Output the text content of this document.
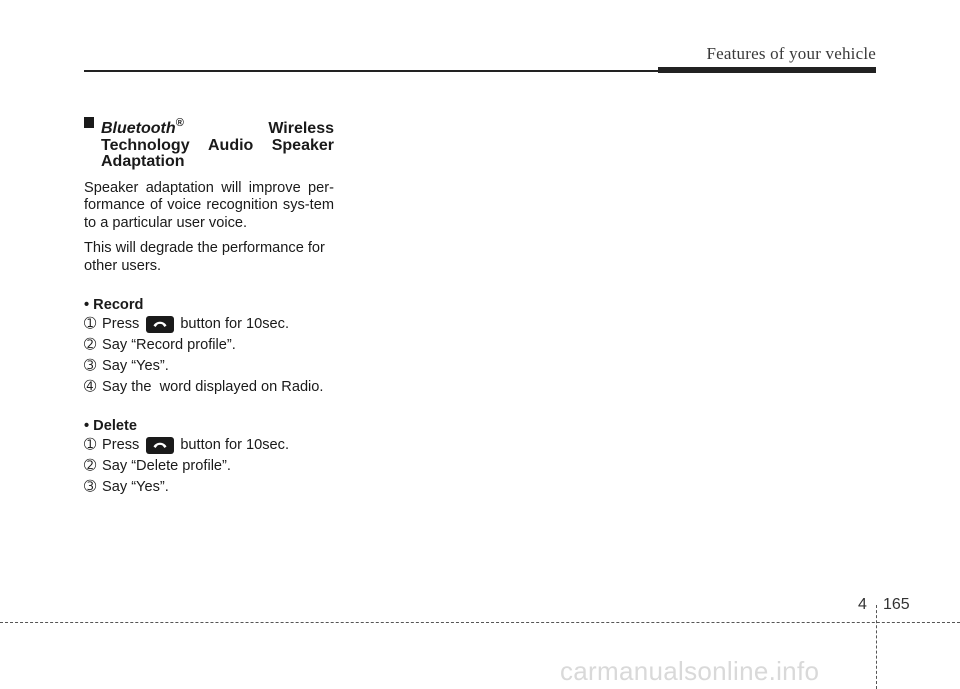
Features of your vehicle
Bluetooth®	Wireless
Technology Audio Speaker
Adaptation

Speaker adaptation will improve per-formance of voice recognition sys-tem to a particular user voice.

This will degrade the performance for other users.

• Record
➀ Press	button for 10sec.
➁ Say “Record profile”.
➂ Say “Yes”.
➃ Say the  word displayed on Radio.
• Delete
➀ Press	button for 10sec.
➁ Say “Delete profile”.
➂ Say “Yes”.
4 165
carmanualsonline.info
